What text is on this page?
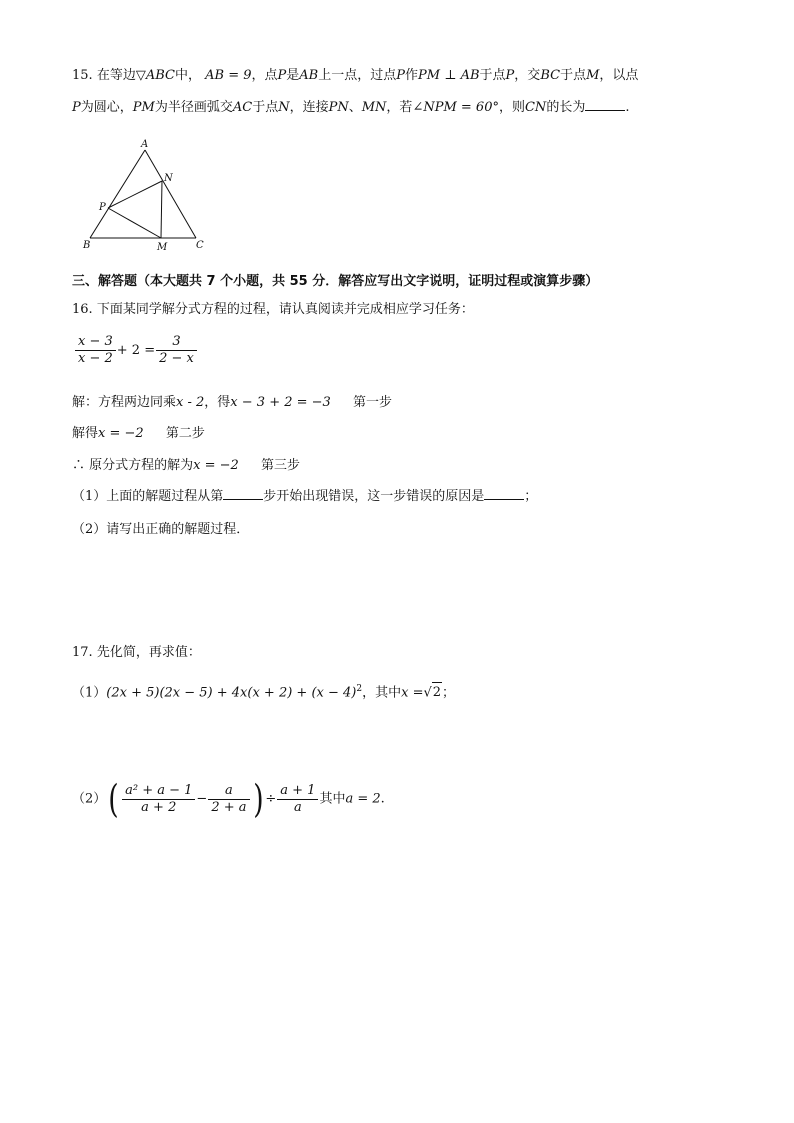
15. 在等边▽ABC中， AB = 9，点P是AB上一点，过点P作PM ⊥ AB于点P，交BC于点M，以点
P为圆心，PM为半径画弧交AC于点N，连接PN、MN，若∠NPM = 60°，则CN的长为	.
A
N
P
B	M	C
三、解答题（本大题共 7 个小题，共 55 分．解答应写出文字说明，证明过程或演算步骤）
16. 下面某同学解分式方程的过程，请认真阅读并完成相应学习任务：
$\frac{x - 3}{x - 2} + 2 = \frac{3}{2 - x}$
解：方程两边同乘x - 2，得x − 3 + 2 = −3 第一步
解得x = −2 第二步
∴ 原分式方程的解为x = −2 第三步
（1）上面的解题过程从第	步开始出现错误，这一步错误的原因是	；
（2）请写出正确的解题过程．
17. 先化简，再求值：
$(1)(2x + 5)(2x - 5) + 4x(x + 2) + (x - 4)^2$，其中x =√2；
$(2)( \frac{\text{a² + a − 1}}{a + 2} - \frac{a}{2 + a}$ ) ÷ $\frac{a + 1}{a}$ 其中a = 2.
